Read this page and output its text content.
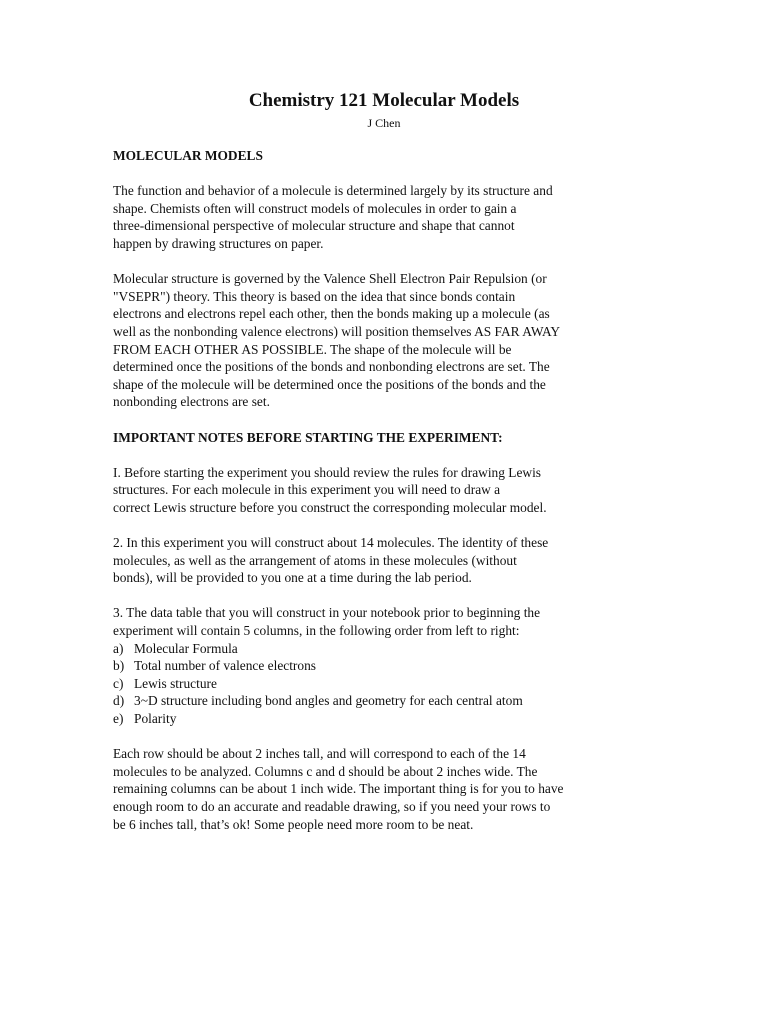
Chemistry 121 Molecular Models

J Chen

MOLECULAR MODELS

The function and behavior of a molecule is determined largely by its structure and
shape. Chemists often will construct models of molecules in order to gain a
three-dimensional perspective of molecular structure and shape that cannot
happen by drawing structures on paper.

Molecular structure is governed by the Valence Shell Electron Pair Repulsion (or
"VSEPR") theory. This theory is based on the idea that since bonds contain
electrons and electrons repel each other, then the bonds making up a molecule (as
well as the nonbonding valence electrons) will position themselves AS FAR AWAY
FROM EACH OTHER AS POSSIBLE. The shape of the molecule will be
determined once the positions of the bonds and nonbonding electrons are set. The
shape of the molecule will be determined once the positions of the bonds and the
nonbonding electrons are set.

IMPORTANT NOTES BEFORE STARTING THE EXPERIMENT:

I. Before starting the experiment you should review the rules for drawing Lewis
structures. For each molecule in this experiment you will need to draw a
correct Lewis structure before you construct the corresponding molecular model.

2. In this experiment you will construct about 14 molecules. The identity of these
molecules, as well as the arrangement of atoms in these molecules (without
bonds), will be provided to you one at a time during the lab period.

3. The data table that you will construct in your notebook prior to beginning the
experiment will contain 5 columns, in the following order from left to right:
a) Molecular Formula
b) Total number of valence electrons
c) Lewis structure
d) 3~D structure including bond angles and geometry for each central atom
e) Polarity

Each row should be about 2 inches tall, and will correspond to each of the 14
molecules to be analyzed. Columns c and d should be about 2 inches wide. The
remaining columns can be about 1 inch wide. The important thing is for you to have
enough room to do an accurate and readable drawing, so if you need your rows to
be 6 inches tall, that’s ok! Some people need more room to be neat.
